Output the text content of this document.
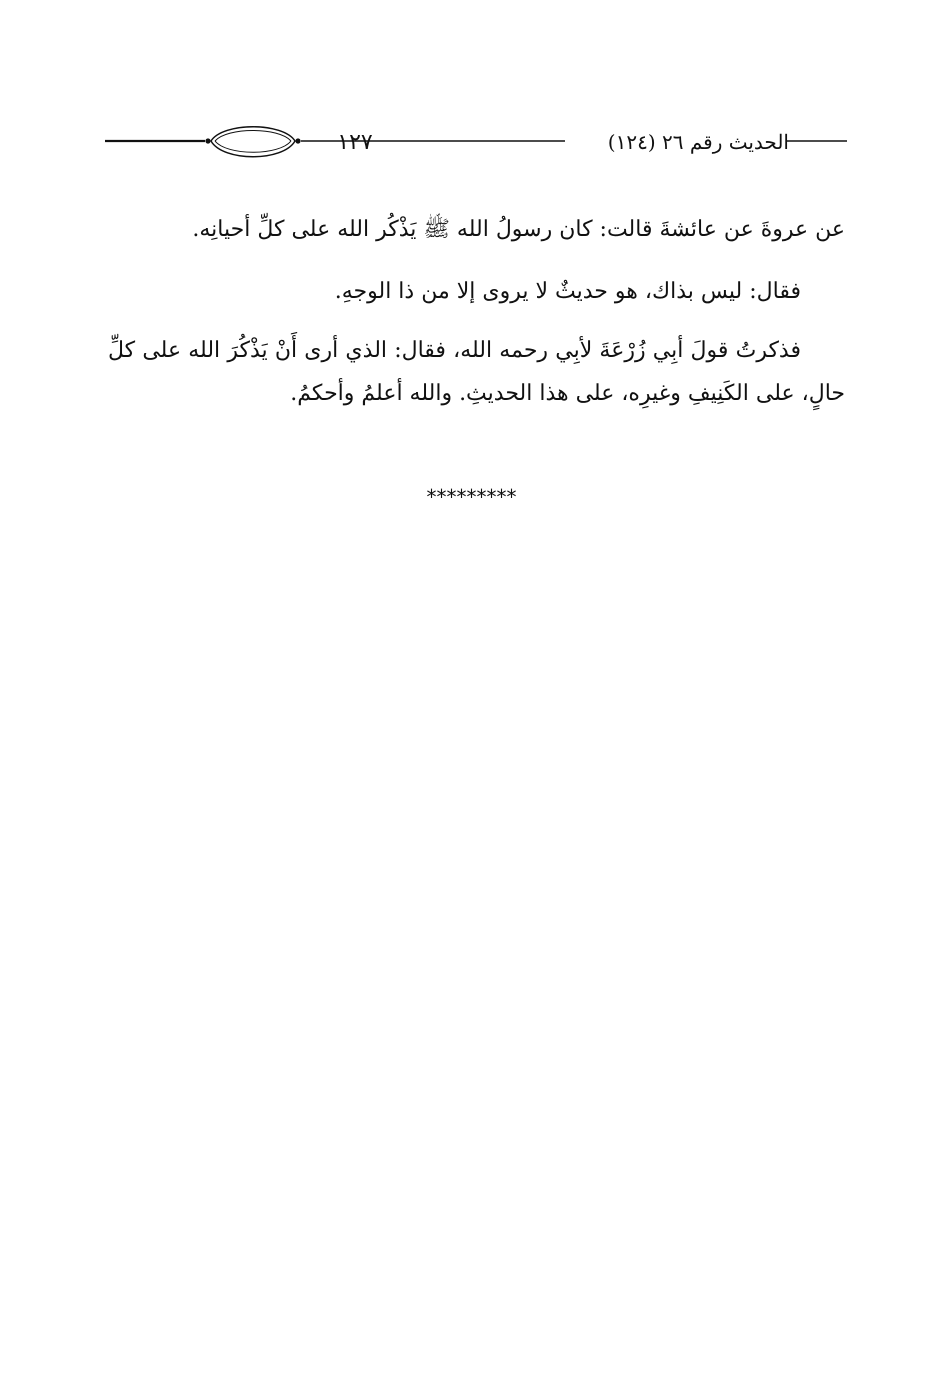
١٢٧	الحديث رقم ٢٦ (١٢٤)

عن عروةَ عن عائشةَ قالت: كان رسولُ الله ﷺ يَذْكُر الله على كلِّ أحيانِه.

فقال: ليس بذاك، هو حديثٌ لا يروى إلا من ذا الوجهِ.

فذكرتُ قولَ أبِي زُرْعَةَ لأبِي رحمه الله، فقال: الذي أرى أَنْ يَذْكُرَ الله على كلِّ حالٍ، على الكَنِيفِ وغيرِه، على هذا الحديثِ. والله أعلمُ وأحكمُ.

*********
